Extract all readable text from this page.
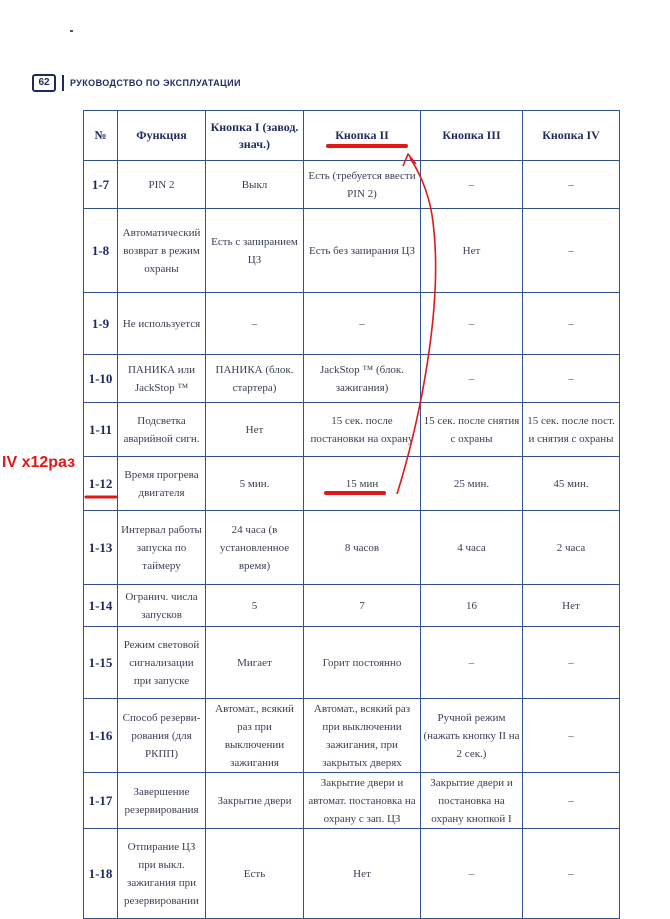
62	РУКОВОДСТВО ПО ЭКСПЛУАТАЦИИ
№	Функция	Кнопка I (завод. знач.)	Кнопка II	Кнопка III	Кнопка IV
1-7	PIN 2	Выкл	Есть (требуется ввести PIN 2)	–	–
1-8	Автоматический возврат в режим охраны	Есть с запиранием ЦЗ	Есть без запирания ЦЗ	Нет	–
1-9	Не используется	–	–	–	–
1-10	ПАНИКА или JackStop ™	ПАНИКА (блок. стартера)	JackStop ™ (блок. зажигания)	–	–
1-11	Подсветка аварийной сигн.	Нет	15 сек. после постановки на охрану	15 сек. после снятия с охраны	15 сек. после пост. и снятия с охраны
1-12	Время прогрева двигателя	5 мин.	15 мин	25 мин.	45 мин.
1-13	Интервал работы запуска по таймеру	24 часа (в установленное время)	8 часов	4 часа	2 часа
1-14	Огранич. числа запусков	5	7	16	Нет
1-15	Режим световой сигнализации при запуске	Мигает	Горит постоянно	–	–
1-16	Способ резерви-рования (для РКПП)	Автомат., всякий раз при выключении зажигания	Автомат., всякий раз при выключении зажигания, при закрытых дверях	Ручной режим (нажать кнопку II на 2 сек.)	–
1-17	Завершение резервирования	Закрытие двери	Закрытие двери и автомат. постановка на охрану с зап. ЦЗ	Закрытие двери и постановка на охрану кнопкой I	–
1-18	Отпирание ЦЗ при выкл. зажигания при резервировании	Есть	Нет	–	–
IV x12раз
